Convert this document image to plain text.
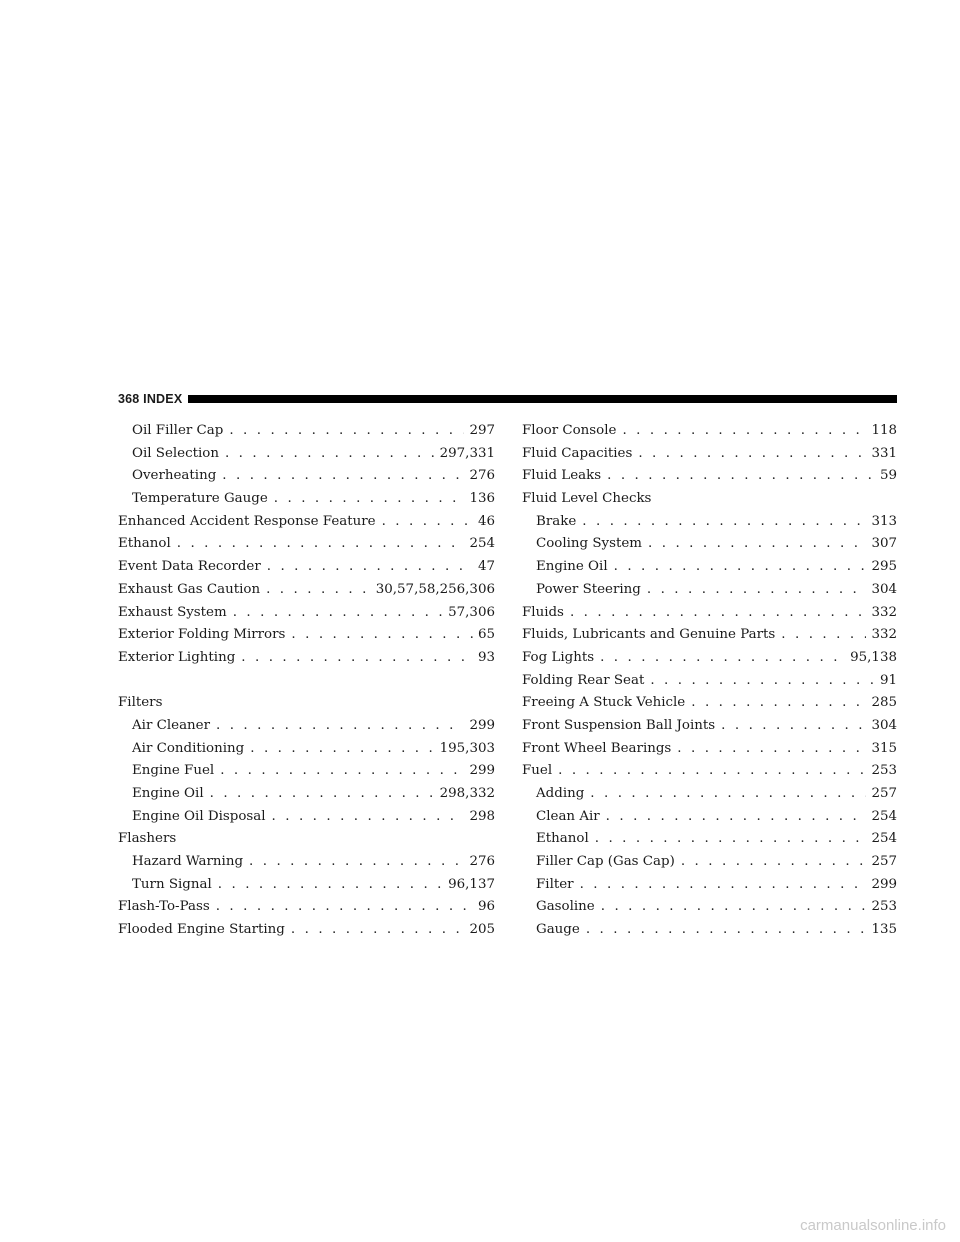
368 INDEX
Oil Filler Cap . . .	297
Oil Selection . . .	297,331
Overheating . . .	276
Temperature Gauge . . .	136
Enhanced Accident Response Feature . . .	46
Ethanol . . .	254
Event Data Recorder . . .	47
Exhaust Gas Caution . . .	30,57,58,256,306
Exhaust System . . .	57,306
Exterior Folding Mirrors . . .	65
Exterior Lighting . . .	93
Filters
Air Cleaner . . .	299
Air Conditioning . . .	195,303
Engine Fuel . . .	299
Engine Oil . . .	298,332
Engine Oil Disposal . . .	298
Flashers
Hazard Warning . . .	276
Turn Signal . . .	96,137
Flash-To-Pass . . .	96
Flooded Engine Starting . . .	205
Floor Console . . .	118
Fluid Capacities . . .	331
Fluid Leaks . . .	59
Fluid Level Checks
Brake . . .	313
Cooling System . . .	307
Engine Oil . . .	295
Power Steering . . .	304
Fluids . . .	332
Fluids, Lubricants and Genuine Parts . . .	332
Fog Lights . . .	95,138
Folding Rear Seat . . .	91
Freeing A Stuck Vehicle . . .	285
Front Suspension Ball Joints . . .	304
Front Wheel Bearings . . .	315
Fuel . . .	253
Adding . . .	257
Clean Air . . .	254
Ethanol . . .	254
Filler Cap (Gas Cap) . . .	257
Filter . . .	299
Gasoline . . .	253
Gauge . . .	135
carmanualsonline.info
